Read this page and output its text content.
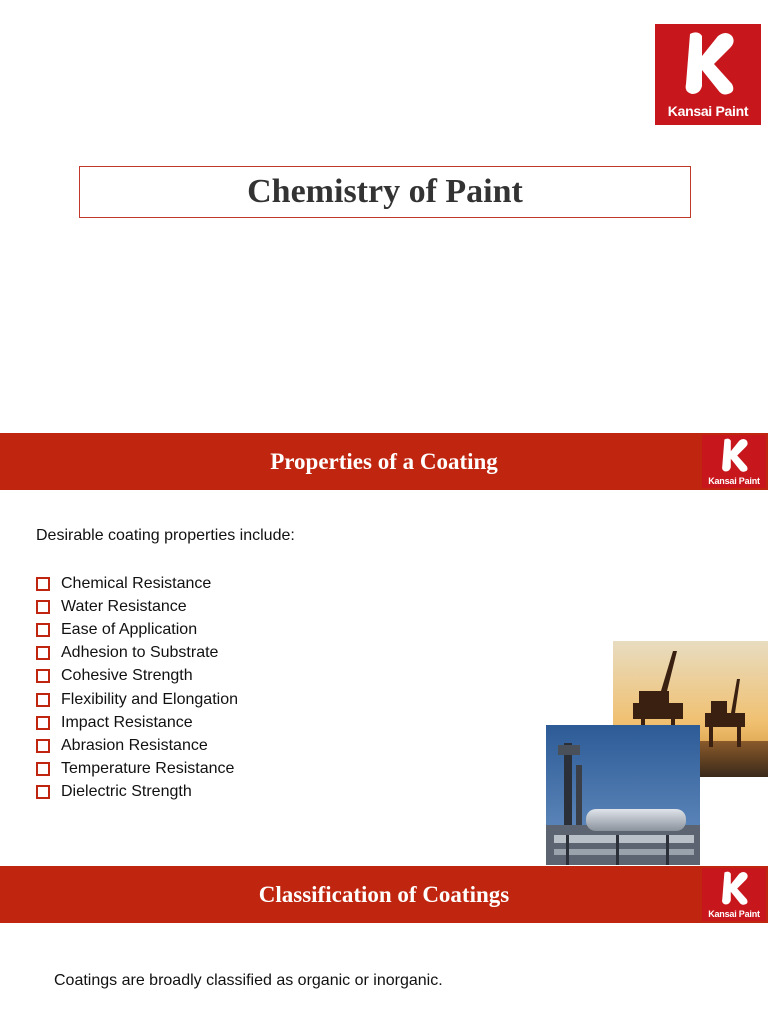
Kansai Paint
Chemistry of Paint
Properties of a Coating
Kansai Paint
Desirable coating properties include:
Chemical Resistance
Water Resistance
Ease of Application
Adhesion to Substrate
Cohesive Strength
Flexibility and Elongation
Impact Resistance
Abrasion Resistance
Temperature Resistance
Dielectric Strength
Classification of Coatings
Kansai Paint
Coatings are broadly classified as organic or inorganic.
